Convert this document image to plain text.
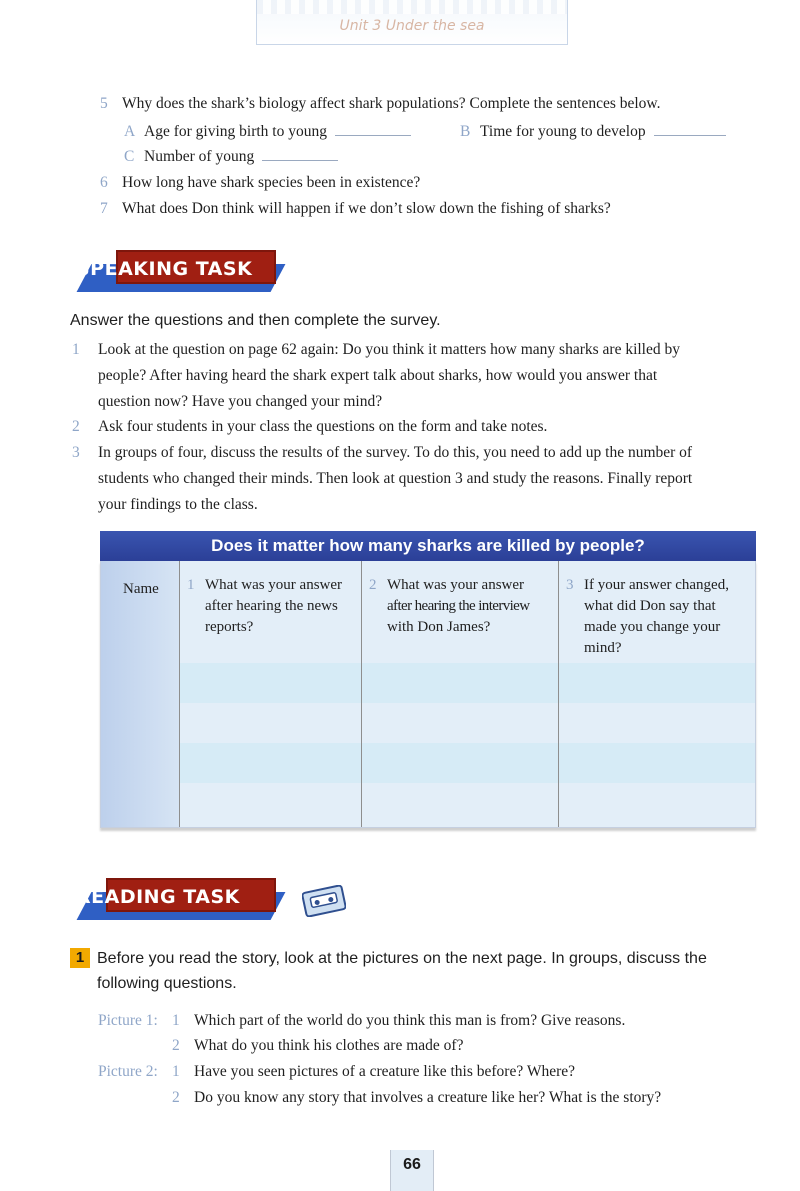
Unit 3 Under the sea
5 Why does the shark’s biology affect shark populations? Complete the sentences below.
A Age for giving birth to young	B Time for young to develop
C Number of young
6 How long have shark species been in existence?
7 What does Don think will happen if we don’t slow down the fishing of sharks?
SPEAKING TASK
Answer the questions and then complete the survey.
1 Look at the question on page 62 again: Do you think it matters how many sharks are killed by
people? After having heard the shark expert talk about sharks, how would you answer that
question now? Have you changed your mind?
2 Ask four students in your class the questions on the form and take notes.
3 In groups of four, discuss the results of the survey. To do this, you need to add up the number of
students who changed their minds. Then look at question 3 and study the reasons. Finally report
your findings to the class.
Does it matter how many sharks are killed by people?
Name 1 What was your answer
after hearing the news
reports?
2 What was your answer
after hearing the interview
with Don James?
3 If your answer changed,
what did Don say that
made you change your
mind?
READING TASK
1 Before you read the story, look at the pictures on the next page. In groups, discuss the
following questions.
Picture 1: 1 Which part of the world do you think this man is from? Give reasons.
2 What do you think his clothes are made of?
Picture 2: 1 Have you seen pictures of a creature like this before? Where?
2 Do you know any story that involves a creature like her? What is the story?
66
